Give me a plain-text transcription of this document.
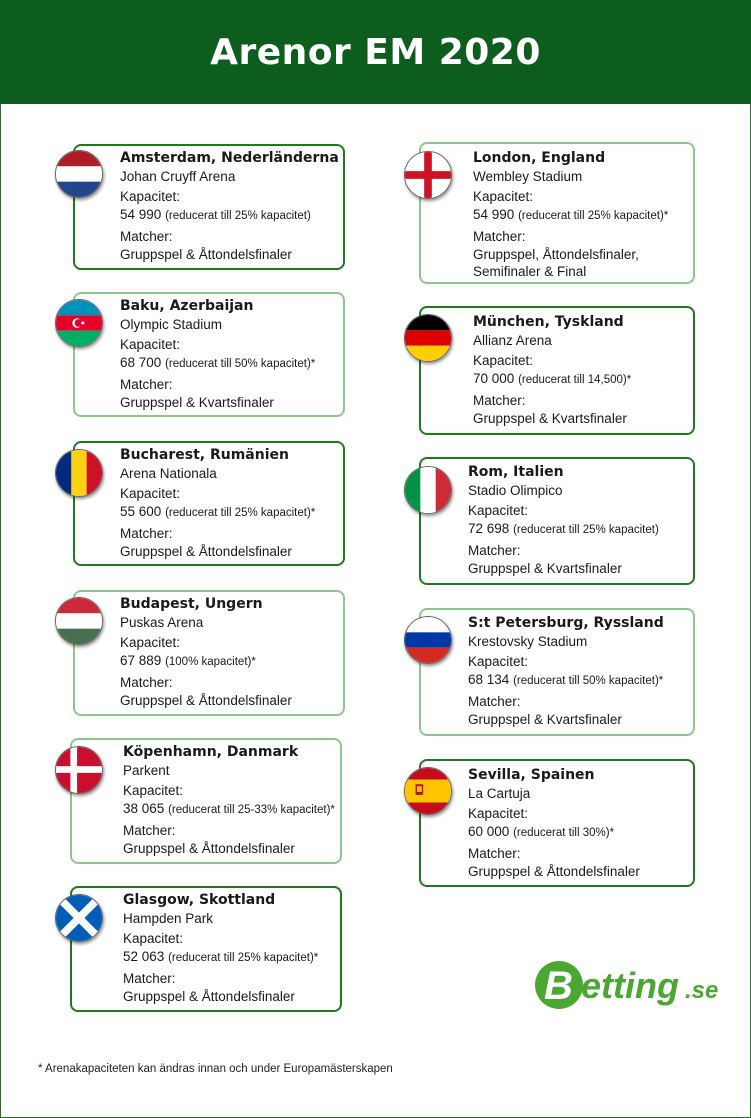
Arenor EM 2020
Amsterdam, Nederländerna
Johan Cruyff Arena
Kapacitet:
54 990 (reducerat till 25% kapacitet)
Matcher:
Gruppspel & Åttondelsfinaler
Baku, Azerbaijan
Olympic Stadium
Kapacitet:
68 700 (reducerat till 50% kapacitet)*
Matcher:
Gruppspel & Kvartsfinaler
Bucharest, Rumänien
Arena Nationala
Kapacitet:
55 600 (reducerat till 25% kapacitet)*
Matcher:
Gruppspel & Åttondelsfinaler
Budapest, Ungern
Puskas Arena
Kapacitet:
67 889 (100% kapacitet)*
Matcher:
Gruppspel & Åttondelsfinaler
Köpenhamn, Danmark
Parkent
Kapacitet:
38 065 (reducerat till 25-33% kapacitet)*
Matcher:
Gruppspel & Åttondelsfinaler
Glasgow, Skottland
Hampden Park
Kapacitet:
52 063 (reducerat till 25% kapacitet)*
Matcher:
Gruppspel & Åttondelsfinaler
London, England
Wembley Stadium
Kapacitet:
54 990 (reducerat till 25% kapacitet)*
Matcher:
Gruppspel, Åttondelsfinaler,
Semifinaler & Final
München, Tyskland
Allianz Arena
Kapacitet:
70 000 (reducerat till 14,500)*
Matcher:
Gruppspel & Kvartsfinaler
Rom, Italien
Stadio Olimpico
Kapacitet:
72 698 (reducerat till 25% kapacitet)
Matcher:
Gruppspel & Kvartsfinaler
S:t Petersburg, Ryssland
Krestovsky Stadium
Kapacitet:
68 134 (reducerat till 50% kapacitet)*
Matcher:
Gruppspel & Kvartsfinaler
Sevilla, Spainen
La Cartuja
Kapacitet:
60 000 (reducerat till 30%)*
Matcher:
Gruppspel & Åttondelsfinaler
B etting .se
* Arenakapaciteten kan ändras innan och under Europamästerskapen
